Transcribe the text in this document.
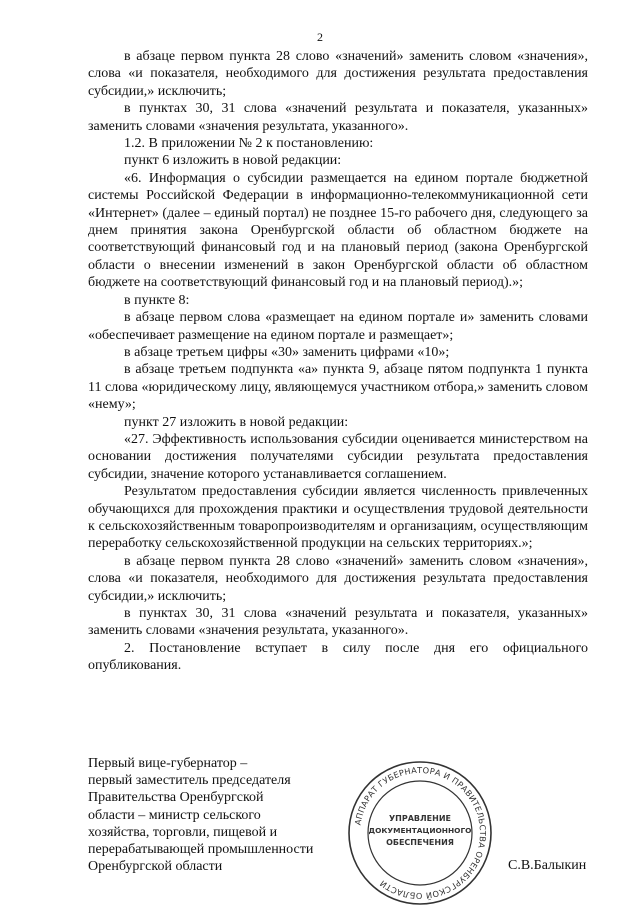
2

в абзаце первом пункта 28 слово «значений» заменить словом «значения», слова «и показателя, необходимого для достижения результата предоставления субсидии,» исключить;

в пунктах 30, 31 слова «значений результата и показателя, указанных» заменить словами «значения результата, указанного».

1.2. В приложении № 2 к постановлению:

пункт 6 изложить в новой редакции:

«6. Информация о субсидии размещается на едином портале бюджетной системы Российской Федерации в информационно-телекоммуникационной сети «Интернет» (далее – единый портал) не позднее 15-го рабочего дня, следующего за днем принятия закона Оренбургской области об областном бюджете на соответствующий финансовый год и на плановый период (закона Оренбургской области о внесении изменений в закон Оренбургской области об областном бюджете на соответствующий финансовый год и на плановый период).»;

в пункте 8:

в абзаце первом слова «размещает на едином портале и» заменить словами «обеспечивает размещение на едином портале и размещает»;

в абзаце третьем цифры «30» заменить цифрами «10»;

в абзаце третьем подпункта «а» пункта 9, абзаце пятом подпункта 1 пункта 11 слова «юридическому лицу, являющемуся участником отбора,» заменить словом «нему»;

пункт 27 изложить в новой редакции:

«27. Эффективность использования субсидии оценивается министерством на основании достижения получателями субсидии результата предоставления субсидии, значение которого устанавливается соглашением.

Результатом предоставления субсидии является численность привлеченных обучающихся для прохождения практики и осуществления трудовой деятельности к сельскохозяйственным товаропроизводителям и организациям, осуществляющим переработку сельскохозяйственной продукции на сельских территориях.»;

в абзаце первом пункта 28 слово «значений» заменить словом «значения», слова «и показателя, необходимого для достижения результата предоставления субсидии,» исключить;

в пунктах 30, 31 слова «значений результата и показателя, указанных» заменить словами «значения результата, указанного».

2. Постановление вступает в силу после дня его официального опубликования.

Первый вице-губернатор –
первый заместитель председателя
Правительства Оренбургской
области – министр сельского
хозяйства, торговли, пищевой и
перерабатывающей промышленности
Оренбургской области
АППАРАТ ГУБЕРНАТОРА И ПРАВИТЕЛЬСТВА ОРЕНБУРГСКОЙ ОБЛАСТИ
УПРАВЛЕНИЕ
ДОКУМЕНТАЦИОННОГО
ОБЕСПЕЧЕНИЯ
С.В.Балыкин
